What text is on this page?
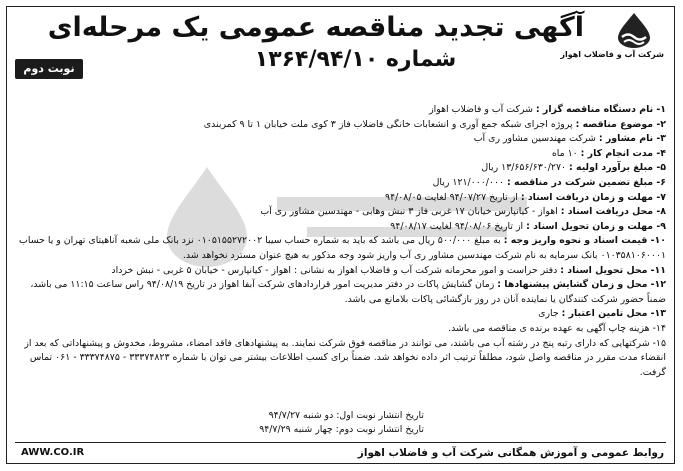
شرکت آب و فاضلاب اهواز
آگهی تجدید مناقصه عمومی یک مرحله‌ای
شماره ۱۳۶۴/۹۴/۱۰
نوبت دوم
۱- نام دستگاه مناقصه گزار : شرکت آب و فاضلاب اهواز
۲- موضوع مناقصه : پروژه اجرای شبکه جمع آوری و انشعابات خانگی فاضلاب فاز ۳ کوی ملت خیابان ۱ تا ۹ کمربندی
۳- نام مشاور : شرکت مهندسین مشاور ری آب
۴- مدت انجام کار : ۱۰ ماه
۵- مبلغ برآورد اولیه : ۱۳/۶۵۶/۶۳۰/۲۷۰ ریال
۶- مبلغ تضمین شرکت در مناقصه : ۱۲۱/۰۰۰/۰۰۰ ریال
۷- مهلت و زمان دریافت اسناد : از تاریخ ۹۴/۰۷/۲۷ لغایت ۹۴/۰۸/۰۵
۸- محل دریافت اسناد : اهواز - کیانپارس خیابان ۱۷ غربی فاز ۳ نبش وهابی - مهندسین مشاور ری آب
۹- مهلت و زمان تحویل اسناد : از تاریخ ۹۴/۰۸/۰۶ لغایت ۹۴/۰۸/۱۷
۱۰- قیمت اسناد و نحوه واریز وجه : به مبلغ ۵۰۰/۰۰۰ ریال می باشد که باید به شماره حساب سیبا ۰۱۰۵۱۵۵۲۷۲۰۰۲ نزد بانک ملی شعبه آناهیتای تهران و یا حساب ۰۱۰۳۵۸۱۰۶۰۰۰۱ بانک سرمایه به نام شرکت مهندسین مشاور ری آب واریز شود وجه مذکور به هیچ عنوان مسترد نخواهد شد.
۱۱- محل تحویل اسناد : دفتر حراست و امور محرمانه شرکت آب و فاضلاب اهواز به نشانی : اهواز - کیانپارس - خیابان ۵ غربی - نبش خرداد
۱۲- محل و زمان گشایش پیشنهادها : زمان گشایش پاکات در دفتر مدیریت امور قراردادهای شرکت آبفا اهواز در تاریخ ۹۴/۰۸/۱۹ راس ساعت ۱۱:۱۵ می باشد، ضمناً حضور شرکت کنندگان یا نماینده آنان در روز بازگشائی پاکات بلامانع می باشد.
۱۳- محل تامین اعتبار : جاری
۱۴- هزینه چاپ آگهی به عهده برنده ی مناقصه می باشد.
۱۵- شرکتهایی که دارای رتبه پنج در رشته آب می باشند، می توانند در مناقصه فوق شرکت نمایند. به پیشنهادهای فاقد امضاء، مشروط، مخدوش و پیشنهاداتی که بعد از انقضاء مدت مقرر در مناقصه واصل شود، مطلقاً ترتیب اثر داده نخواهد شد. ضمناً برای کسب اطلاعات بیشتر می توان با شماره ۳۳۳۷۴۸۲۳ - ۳۳۳۷۴۸۷۵ - ۰۶۱ تماس گرفت.
تاریخ انتشار نوبت اول: دو شنبه ۹۴/۷/۲۷
تاریخ انتشار نوبت دوم: چهار شنبه ۹۴/۷/۲۹
روابط عمومی و آموزش همگانی شرکت آب و فاضلاب اهواز
AWW.CO.IR
